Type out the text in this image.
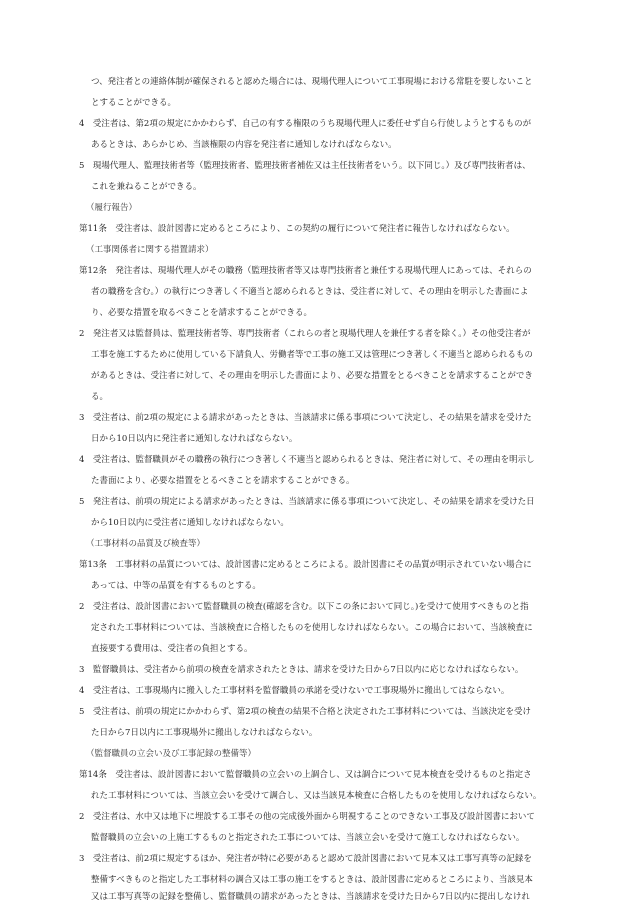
つ、発注者との連絡体制が確保されると認めた場合には、現場代理人について工事現場における常駐を要しないこと
とすることができる。
4　受注者は、第2項の規定にかかわらず、自己の有する権限のうち現場代理人に委任せず自ら行使しようとするものが
あるときは、あらかじめ、当該権限の内容を発注者に通知しなければならない。
5　現場代理人、監理技術者等（監理技術者、監理技術者補佐又は主任技術者をいう。以下同じ。）及び専門技術者は、
これを兼ねることができる。
（履行報告）
第11条　受注者は、設計図書に定めるところにより、この契約の履行について発注者に報告しなければならない。
（工事関係者に関する措置請求）
第12条　発注者は、現場代理人がその職務（監理技術者等又は専門技術者と兼任する現場代理人にあっては、それらの
者の職務を含む。）の執行につき著しく不適当と認められるときは、受注者に対して、その理由を明示した書面によ
り、必要な措置を取るべきことを請求することができる。
2　発注者又は監督員は、監理技術者等、専門技術者（これらの者と現場代理人を兼任する者を除く。）その他受注者が
工事を施工するために使用している下請負人、労働者等で工事の施工又は管理につき著しく不適当と認められるもの
があるときは、受注者に対して、その理由を明示した書面により、必要な措置をとるべきことを請求することができ
る。
3　受注者は、前2項の規定による請求があったときは、当該請求に係る事項について決定し、その結果を請求を受けた
日から10日以内に発注者に通知しなければならない。
4　受注者は、監督職員がその職務の執行につき著しく不適当と認められるときは、発注者に対して、その理由を明示し
た書面により、必要な措置をとるべきことを請求することができる。
5　発注者は、前項の規定による請求があったときは、当該請求に係る事項について決定し、その結果を請求を受けた日
から10日以内に受注者に通知しなければならない。
（工事材料の品質及び検査等）
第13条　工事材料の品質については、設計図書に定めるところによる。設計図書にその品質が明示されていない場合に
あっては、中等の品質を有するものとする。
2　受注者は、設計図書において監督職員の検査(確認を含む。以下この条において同じ。)を受けて使用すべきものと指
定された工事材料については、当該検査に合格したものを使用しなければならない。この場合において、当該検査に
直接要する費用は、受注者の負担とする。
3　監督職員は、受注者から前項の検査を請求されたときは、請求を受けた日から7日以内に応じなければならない。
4　受注者は、工事現場内に搬入した工事材料を監督職員の承諾を受けないで工事現場外に搬出してはならない。
5　受注者は、前項の規定にかかわらず、第2項の検査の結果不合格と決定された工事材料については、当該決定を受け
た日から7日以内に工事現場外に搬出しなければならない。
（監督職員の立会い及び工事記録の整備等）
第14条　受注者は、設計図書において監督職員の立会いの上調合し、又は調合について見本検査を受けるものと指定さ
れた工事材料については、当該立会いを受けて調合し、又は当該見本検査に合格したものを使用しなければならない。
2　受注者は、水中又は地下に埋設する工事その他の完成後外面から明視することのできない工事及び設計図書において
監督職員の立会いの上施工するものと指定された工事については、当該立会いを受けて施工しなければならない。
3　受注者は、前2項に規定するほか、発注者が特に必要があると認めて設計図書において見本又は工事写真等の記録を
整備すべきものと指定した工事材料の調合又は工事の施工をするときは、設計図書に定めるところにより、当該見本
又は工事写真等の記録を整備し、監督職員の請求があったときは、当該請求を受けた日から7日以内に提出しなけれ
